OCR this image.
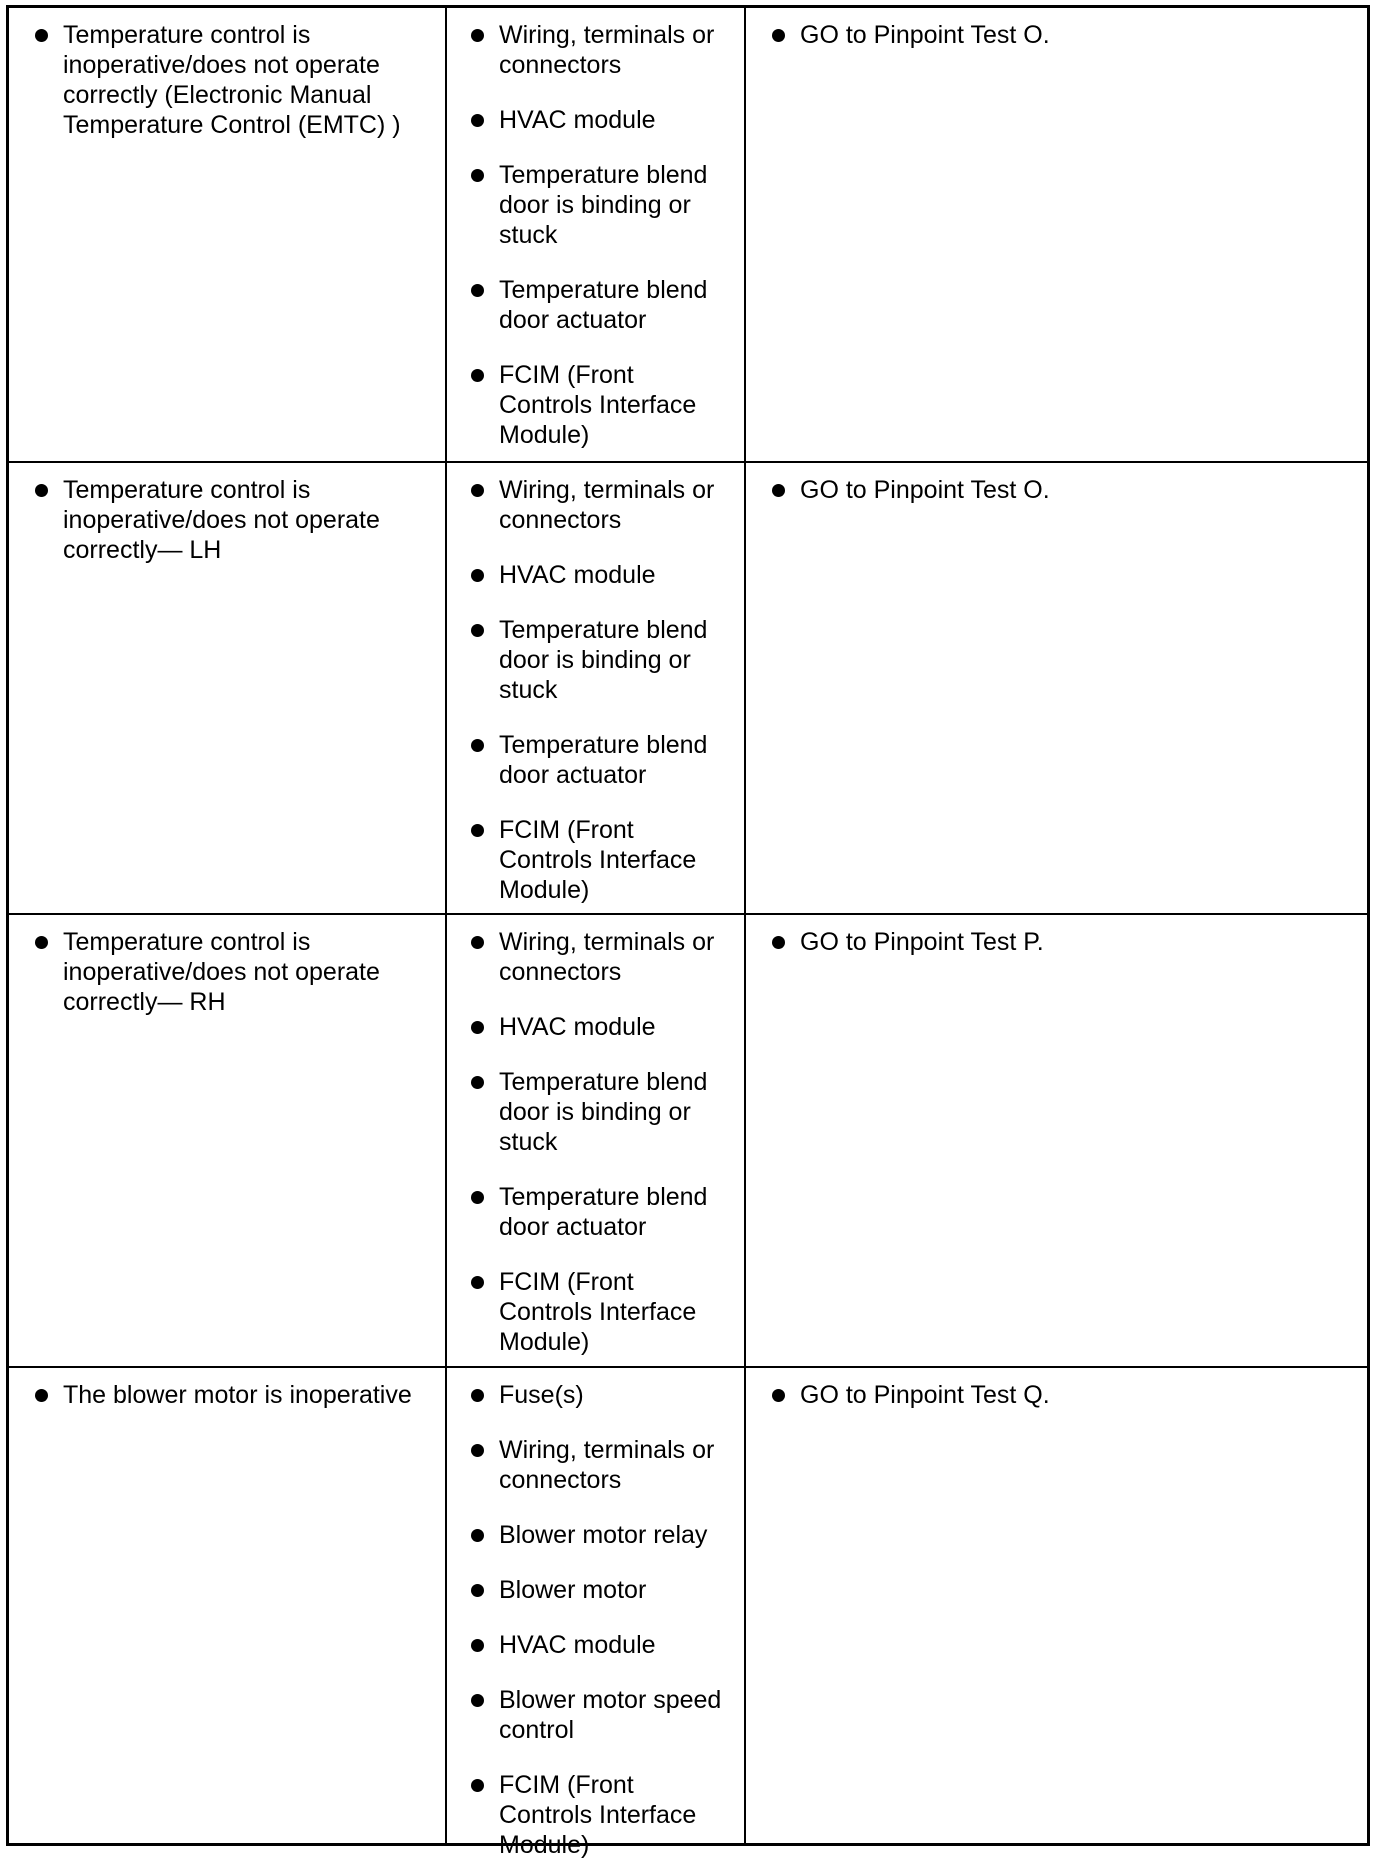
Temperature control is
inoperative/does not operate
correctly (Electronic Manual
Temperature Control (EMTC) )
Wiring, terminals or
connectors
HVAC module
Temperature blend
door is binding or
stuck
Temperature blend
door actuator
FCIM (Front
Controls Interface
Module)
GO to Pinpoint Test O.
Temperature control is
inoperative/does not operate
correctly— LH
Wiring, terminals or
connectors
HVAC module
Temperature blend
door is binding or
stuck
Temperature blend
door actuator
FCIM (Front
Controls Interface
Module)
GO to Pinpoint Test O.
Temperature control is
inoperative/does not operate
correctly— RH
Wiring, terminals or
connectors
HVAC module
Temperature blend
door is binding or
stuck
Temperature blend
door actuator
FCIM (Front
Controls Interface
Module)
GO to Pinpoint Test P.
The blower motor is inoperative	Fuse(s)
Wiring, terminals or
connectors
Blower motor relay
Blower motor
HVAC module
Blower motor speed
control
FCIM (Front
Controls Interface
Module)
GO to Pinpoint Test Q.
